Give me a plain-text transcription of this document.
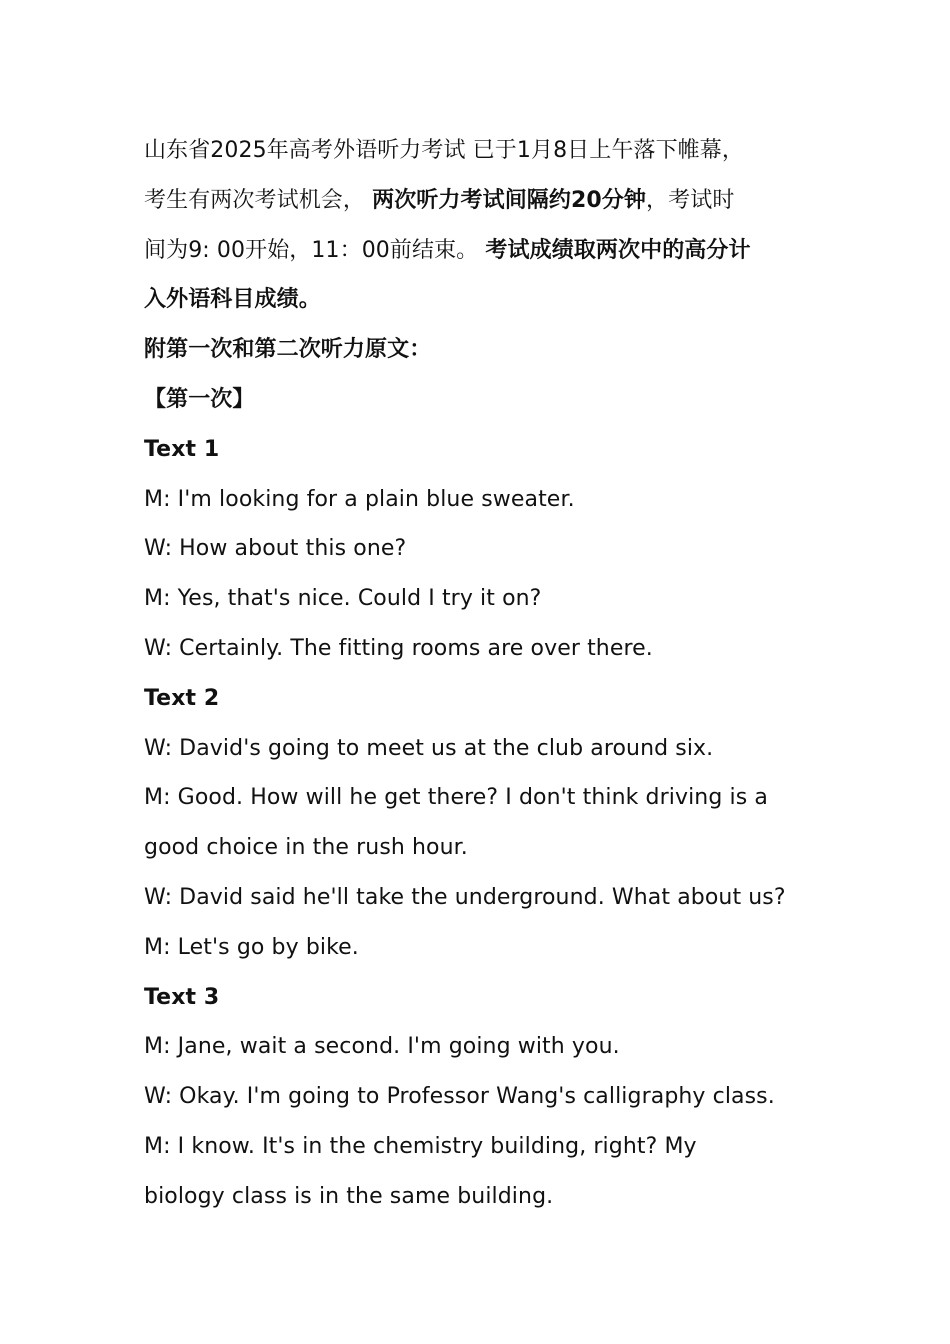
山东省2025年高考外语听力考试 已于1月8日上午落下帷幕，
考生有两次考试机会， 两次听力考试间隔约20分钟，考试时
间为9: 00开始，11：00前结束。 考试成绩取两次中的高分计
入外语科目成绩。
附第一次和第二次听力原文：
【第一次】
Text 1
M: I'm looking for a plain blue sweater.
W: How about this one?
M: Yes, that's nice. Could I try it on?
W: Certainly. The fitting rooms are over there.
Text 2
W: David's going to meet us at the club around six.
M: Good. How will he get there? I don't think driving is a
good choice in the rush hour.
W: David said he'll take the underground. What about us?
M: Let's go by bike.
Text 3
M: Jane, wait a second. I'm going with you.
W: Okay. I'm going to Professor Wang's calligraphy class.
M: I know. It's in the chemistry building, right? My
biology class is in the same building.
